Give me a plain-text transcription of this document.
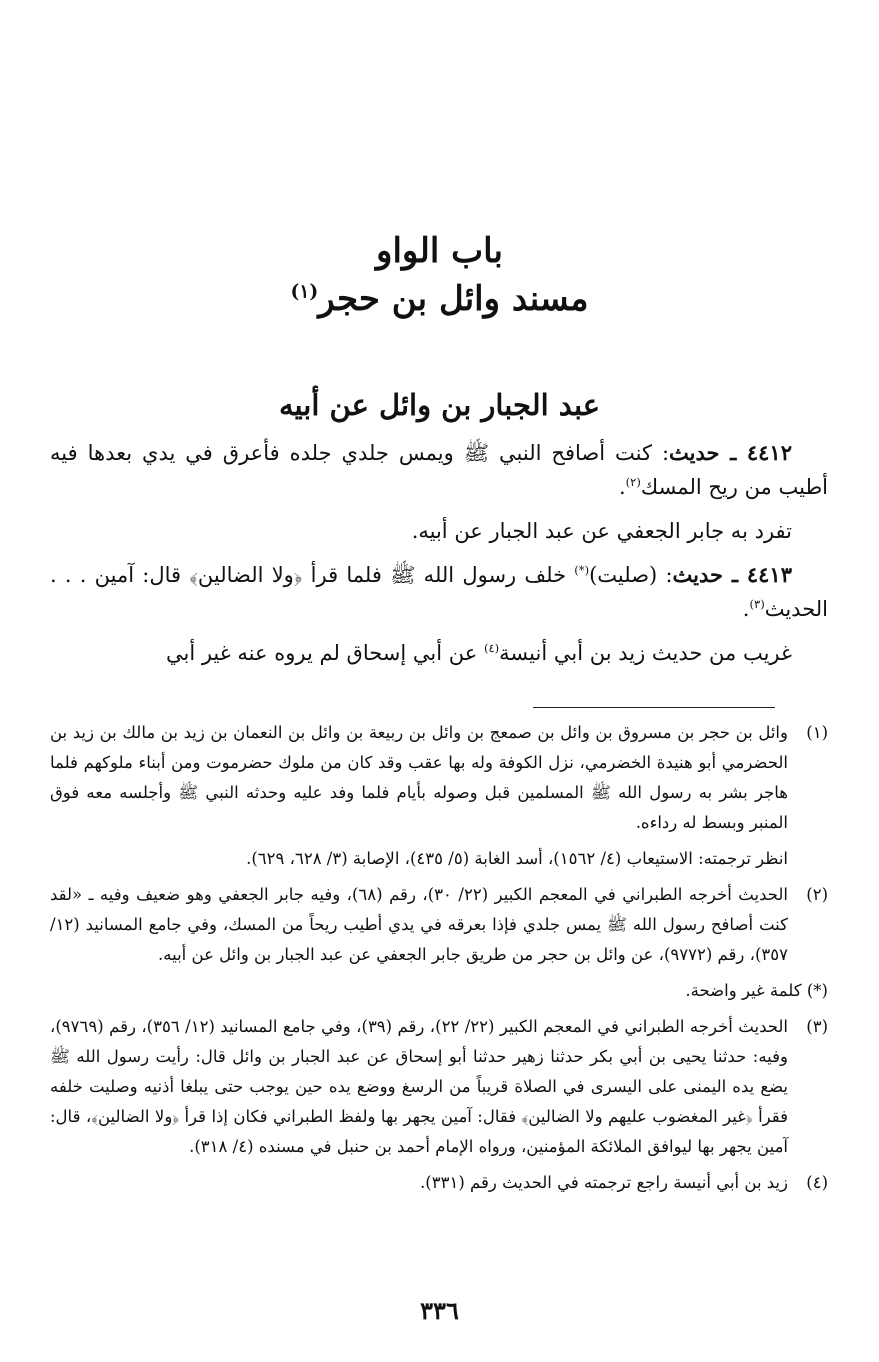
باب الواو
مسند وائل بن حجر$^{(١)}$
عبد الجبار بن وائل عن أبيه

٤٤١٢ ـ حديث: كنت أصافح النبي ﷺ ويمس جلدي جلده فأعرق في يدي بعدها فيه أطيب من ريح المسك$^{(٢)}$.

تفرد به جابر الجعفي عن عبد الجبار عن أبيه.

٤٤١٣ ـ حديث: (صليت)(*) خلف رسول الله ﷺ فلما قرأ ﴿ولا الضالين﴾ قال: آمين . . . الحديث$^{(٣)}$.

غريب من حديث زيد بن أبي أنيسة$^{(٤)}$ عن أبي إسحاق لم يروه عنه غير أبي

(١)

وائل بن حجر بن مسروق بن وائل بن صمعج بن وائل بن ربيعة بن وائل بن النعمان بن زيد بن مالك بن زيد بن الحضرمي أبو هنيدة الخضرمي، نزل الكوفة وله بها عقب وقد كان من ملوك حضرموت ومن أبناء ملوكهم فلما هاجر بشر به رسول الله ﷺ المسلمين قبل وصوله بأيام فلما وفد عليه وحدثه النبي ﷺ وأجلسه معه فوق المنبر وبسط له رداءه.

انظر ترجمته: الاستيعاب (٤/ ١٥٦٢)، أسد الغابة (٥/ ٤٣٥)، الإصابة (٣/ ٦٢٨، ٦٢٩).

(٢)

الحديث أخرجه الطبراني في المعجم الكبير (٢٢/ ٣٠)، رقم (٦٨)، وفيه جابر الجعفي وهو ضعيف وفيه ـ «لقد كنت أصافح رسول الله ﷺ يمس جلدي فإذا بعرقه في يدي أطيب ريحاً من المسك، وفي جامع المسانيد (١٢/ ٣٥٧)، رقم (٩٧٧٢)، عن وائل بن حجر من طريق جابر الجعفي عن عبد الجبار بن وائل عن أبيه.

(*) كلمة غير واضحة.
(٣)

الحديث أخرجه الطبراني في المعجم الكبير (٢٢/ ٢٢)، رقم (٣٩)، وفي جامع المسانيد (١٢/ ٣٥٦)، رقم (٩٧٦٩)، وفيه: حدثنا يحيى بن أبي بكر حدثنا زهير حدثنا أبو إسحاق عن عبد الجبار بن وائل قال: رأيت رسول الله ﷺ يضع يده اليمنى على اليسرى في الصلاة قريباً من الرسغ ووضع يده حين يوجب حتى يبلغا أذنيه وصليت خلفه فقرأ ﴿غير المغضوب عليهم ولا الضالين﴾ فقال: آمين يجهر بها ولفظ الطبراني فكان إذا قرأ ﴿ولا الضالين﴾، قال: آمين يجهر بها ليوافق الملائكة المؤمنين، ورواه الإمام أحمد بن حنبل في مسنده (٤/ ٣١٨).

(٤)

زيد بن أبي أنيسة راجع ترجمته في الحديث رقم (٣٣١).

٣٣٦
